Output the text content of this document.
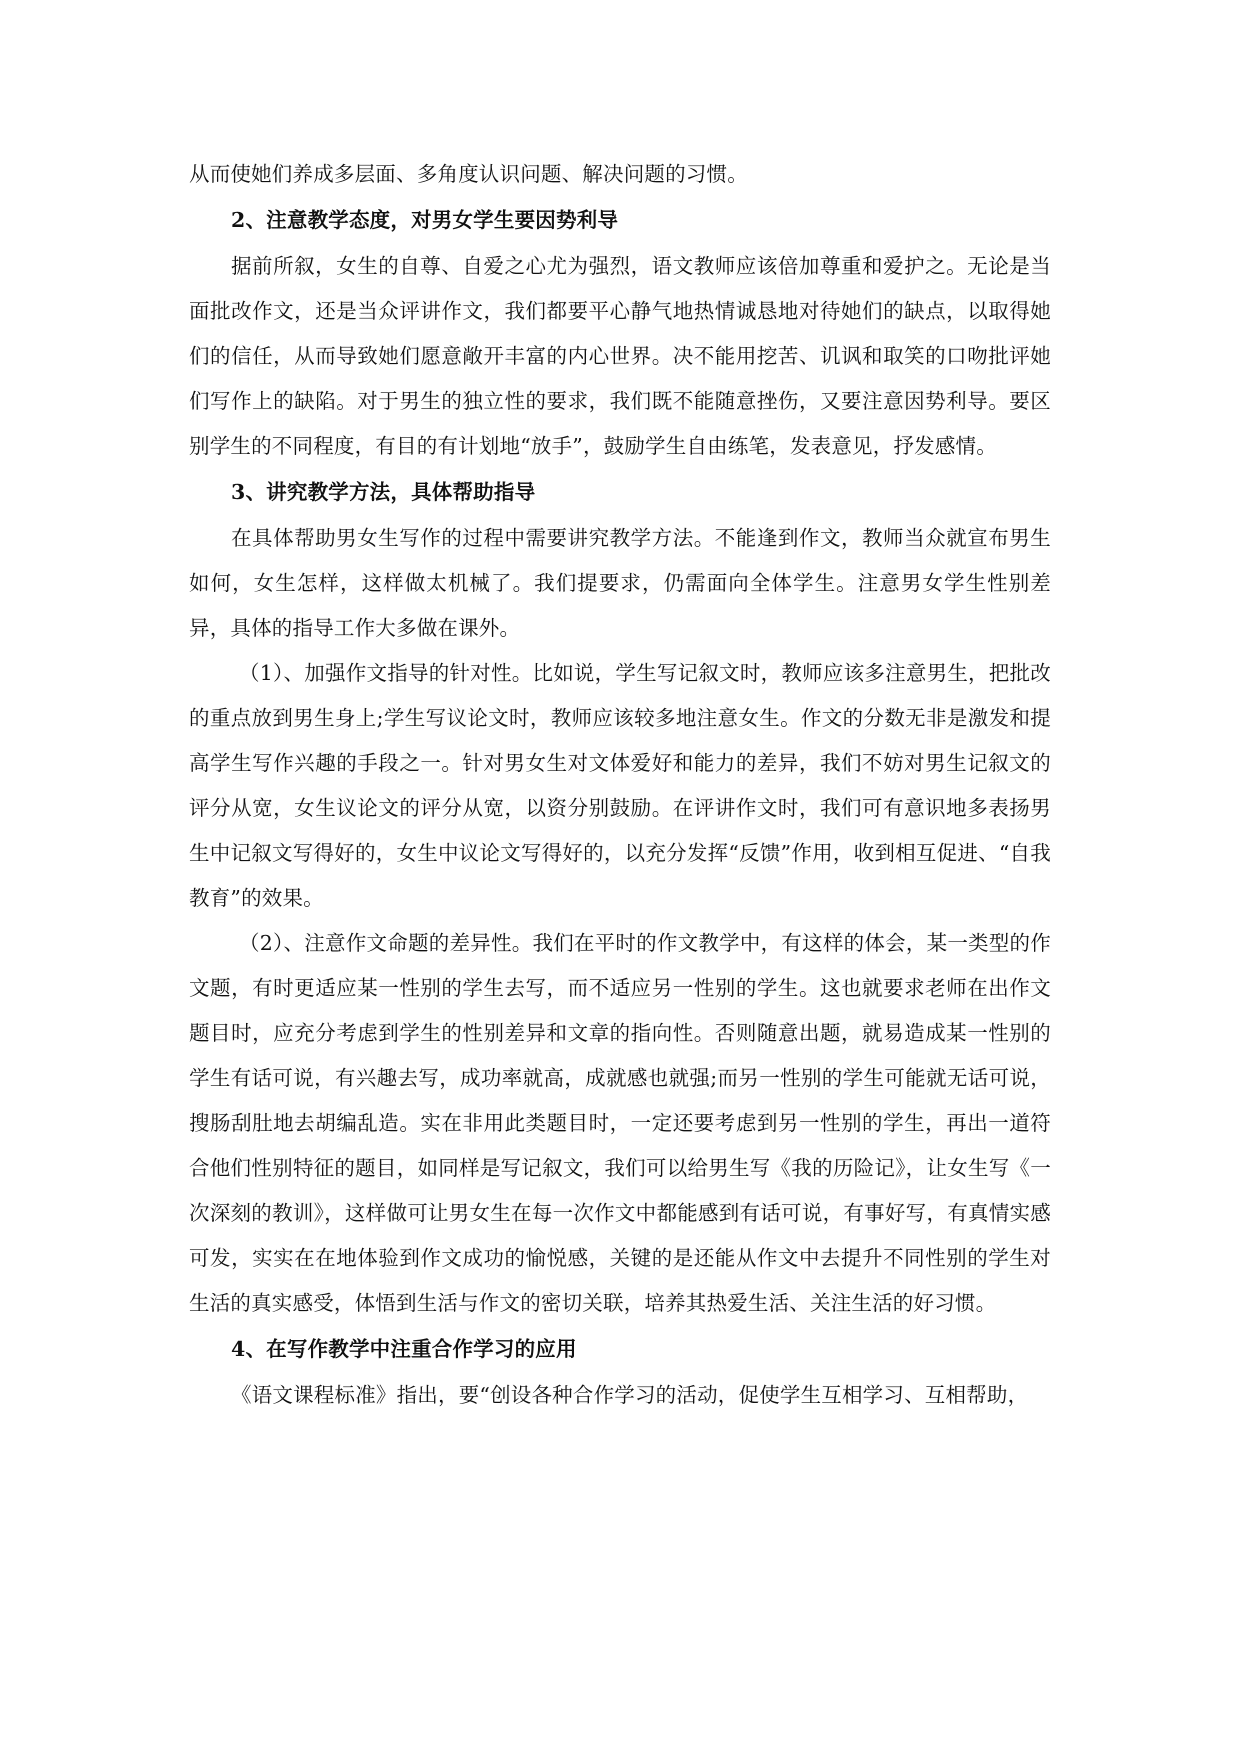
从而使她们养成多层面、多角度认识问题、解决问题的习惯。

2、注意教学态度，对男女学生要因势利导

据前所叙，女生的自尊、自爱之心尤为强烈，语文教师应该倍加尊重和爱护之。无论是当面批改作文，还是当众评讲作文，我们都要平心静气地热情诚恳地对待她们的缺点，以取得她们的信任，从而导致她们愿意敞开丰富的内心世界。决不能用挖苦、讥讽和取笑的口吻批评她们写作上的缺陷。对于男生的独立性的要求，我们既不能随意挫伤，又要注意因势利导。要区别学生的不同程度，有目的有计划地“放手”，鼓励学生自由练笔，发表意见，抒发感情。

3、讲究教学方法，具体帮助指导

在具体帮助男女生写作的过程中需要讲究教学方法。不能逢到作文，教师当众就宣布男生如何，女生怎样，这样做太机械了。我们提要求，仍需面向全体学生。注意男女学生性别差异，具体的指导工作大多做在课外。

（1）、加强作文指导的针对性。比如说，学生写记叙文时，教师应该多注意男生，把批改的重点放到男生身上;学生写议论文时，教师应该较多地注意女生。作文的分数无非是激发和提高学生写作兴趣的手段之一。针对男女生对文体爱好和能力的差异，我们不妨对男生记叙文的评分从宽，女生议论文的评分从宽，以资分别鼓励。在评讲作文时，我们可有意识地多表扬男生中记叙文写得好的，女生中议论文写得好的，以充分发挥“反馈”作用，收到相互促进、“自我教育”的效果。

（2）、注意作文命题的差异性。我们在平时的作文教学中，有这样的体会，某一类型的作文题，有时更适应某一性别的学生去写，而不适应另一性别的学生。这也就要求老师在出作文题目时，应充分考虑到学生的性别差异和文章的指向性。否则随意出题，就易造成某一性别的学生有话可说，有兴趣去写，成功率就高，成就感也就强;而另一性别的学生可能就无话可说，搜肠刮肚地去胡编乱造。实在非用此类题目时，一定还要考虑到另一性别的学生，再出一道符合他们性别特征的题目，如同样是写记叙文，我们可以给男生写《我的历险记》，让女生写《一次深刻的教训》，这样做可让男女生在每一次作文中都能感到有话可说，有事好写，有真情实感可发，实实在在地体验到作文成功的愉悦感，关键的是还能从作文中去提升不同性别的学生对生活的真实感受，体悟到生活与作文的密切关联，培养其热爱生活、关注生活的好习惯。

4、在写作教学中注重合作学习的应用

《语文课程标准》指出，要“创设各种合作学习的活动，促使学生互相学习、互相帮助，
